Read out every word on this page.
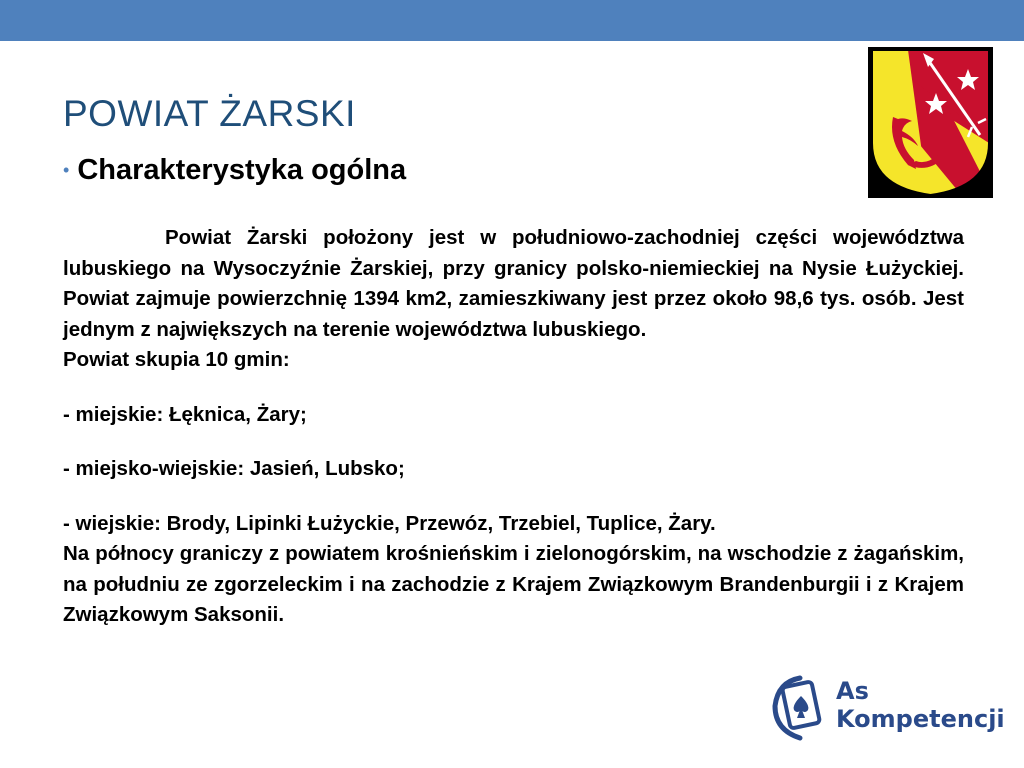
POWIAT ŻARSKI
• Charakterystyka ogólna

Powiat Żarski położony jest w południowo-zachodniej części województwa lubuskiego na Wysoczyźnie Żarskiej, przy granicy polsko-niemieckiej na Nysie Łużyckiej. Powiat zajmuje powierzchnię 1394 km2, zamieszkiwany jest przez około 98,6 tys. osób. Jest jednym z największych na terenie województwa lubuskiego.

Powiat skupia 10 gmin:

- miejskie: Łęknica, Żary;

- miejsko-wiejskie: Jasień, Lubsko;

- wiejskie: Brody, Lipinki Łużyckie, Przewóz, Trzebiel, Tuplice, Żary.

Na północy graniczy z powiatem krośnieńskim i zielonogórskim, na wschodzie z żagańskim, na południu ze zgorzeleckim i na zachodzie z Krajem Związkowym Brandenburgii i z Krajem Związkowym Saksonii.

As
Kompetencji
